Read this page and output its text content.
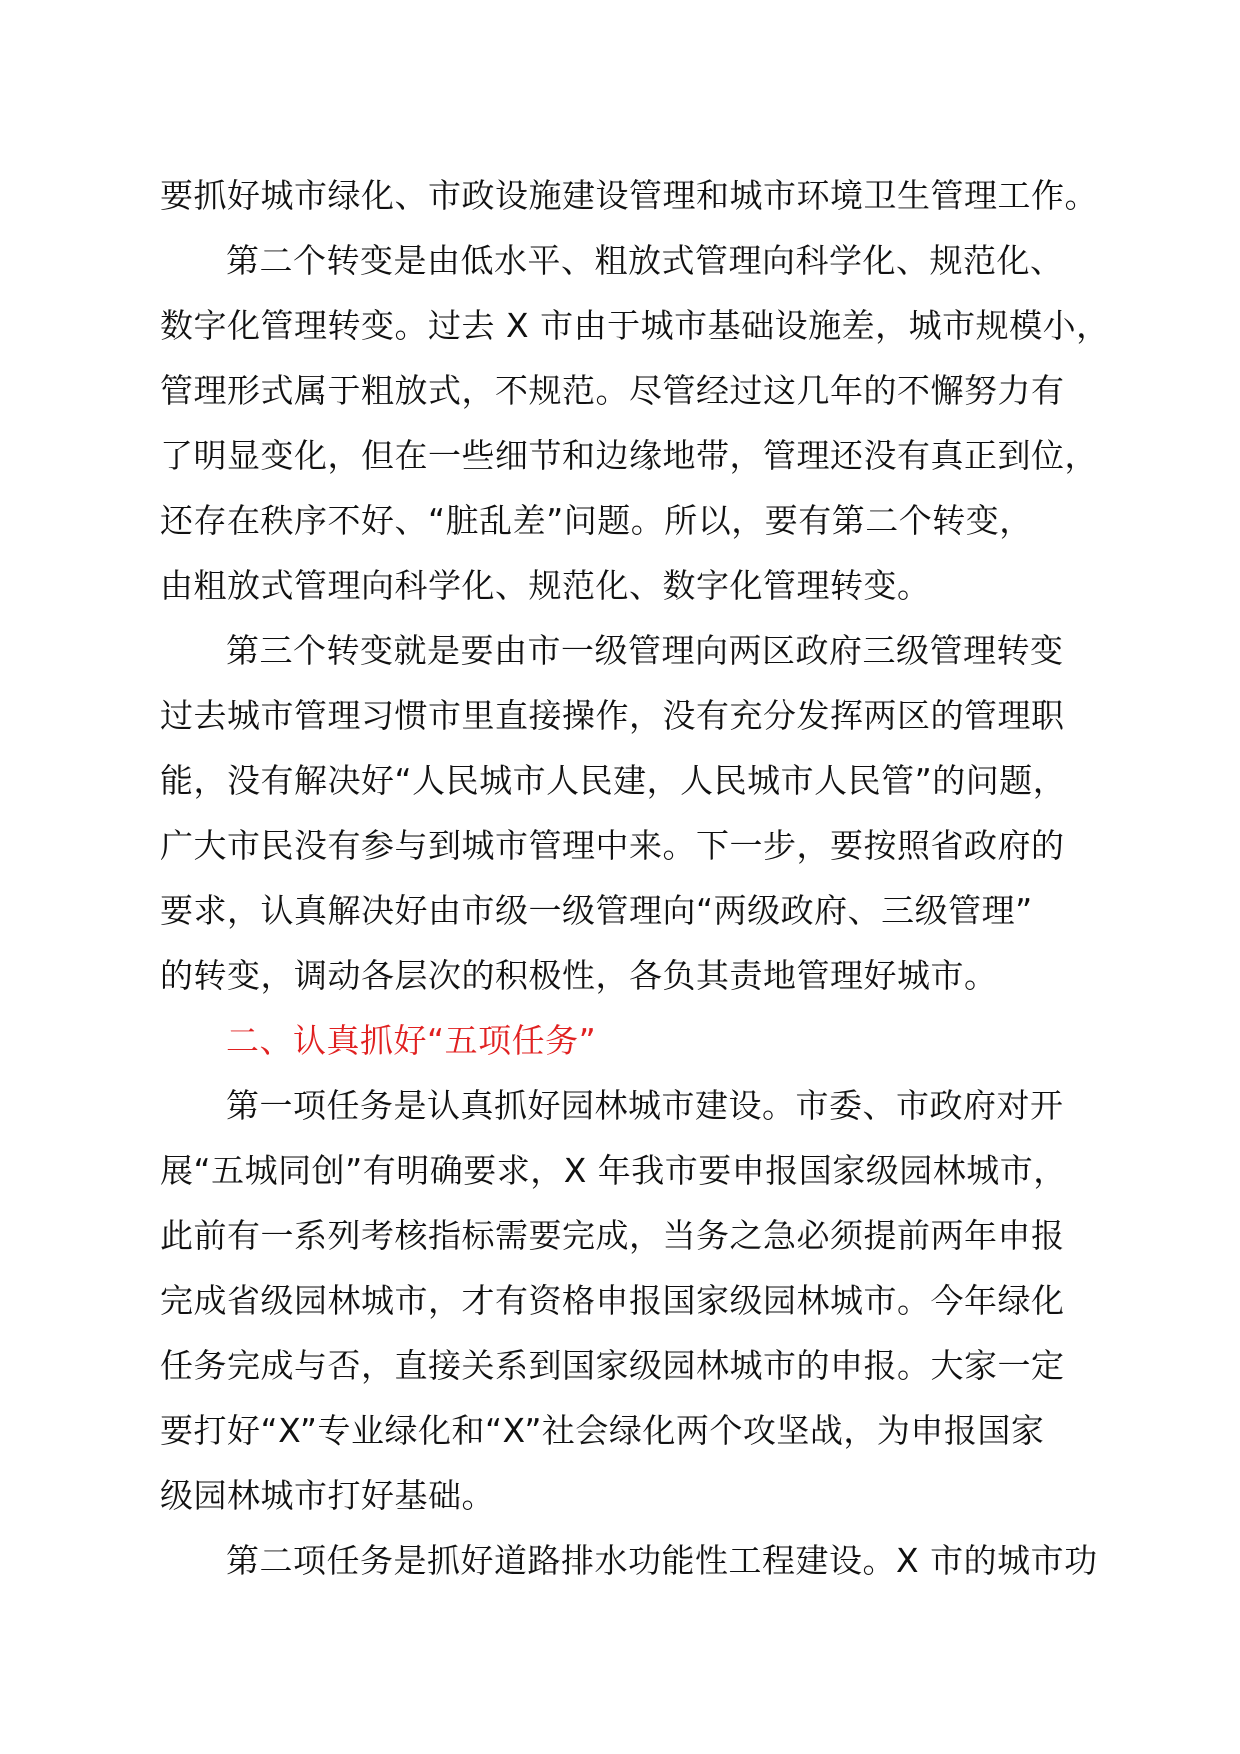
要抓好城市绿化、市政设施建设管理和城市环境卫生管理工作。
第二个转变是由低水平、粗放式管理向科学化、规范化、
数字化管理转变。过去 X 市由于城市基础设施差，城市规模小，
管理形式属于粗放式，不规范。尽管经过这几年的不懈努力有
了明显变化，但在一些细节和边缘地带，管理还没有真正到位，
还存在秩序不好、“脏乱差”问题。所以，要有第二个转变，
由粗放式管理向科学化、规范化、数字化管理转变。
第三个转变就是要由市一级管理向两区政府三级管理转变
过去城市管理习惯市里直接操作，没有充分发挥两区的管理职
能，没有解决好“人民城市人民建，人民城市人民管”的问题，
广大市民没有参与到城市管理中来。下一步，要按照省政府的
要求，认真解决好由市级一级管理向“两级政府、三级管理”
的转变，调动各层次的积极性，各负其责地管理好城市。
二、认真抓好“五项任务”
第一项任务是认真抓好园林城市建设。市委、市政府对开
展“五城同创”有明确要求，X 年我市要申报国家级园林城市，
此前有一系列考核指标需要完成，当务之急必须提前两年申报
完成省级园林城市，才有资格申报国家级园林城市。今年绿化
任务完成与否，直接关系到国家级园林城市的申报。大家一定
要打好“X”专业绿化和“X”社会绿化两个攻坚战，为申报国家
级园林城市打好基础。
第二项任务是抓好道路排水功能性工程建设。X 市的城市功
